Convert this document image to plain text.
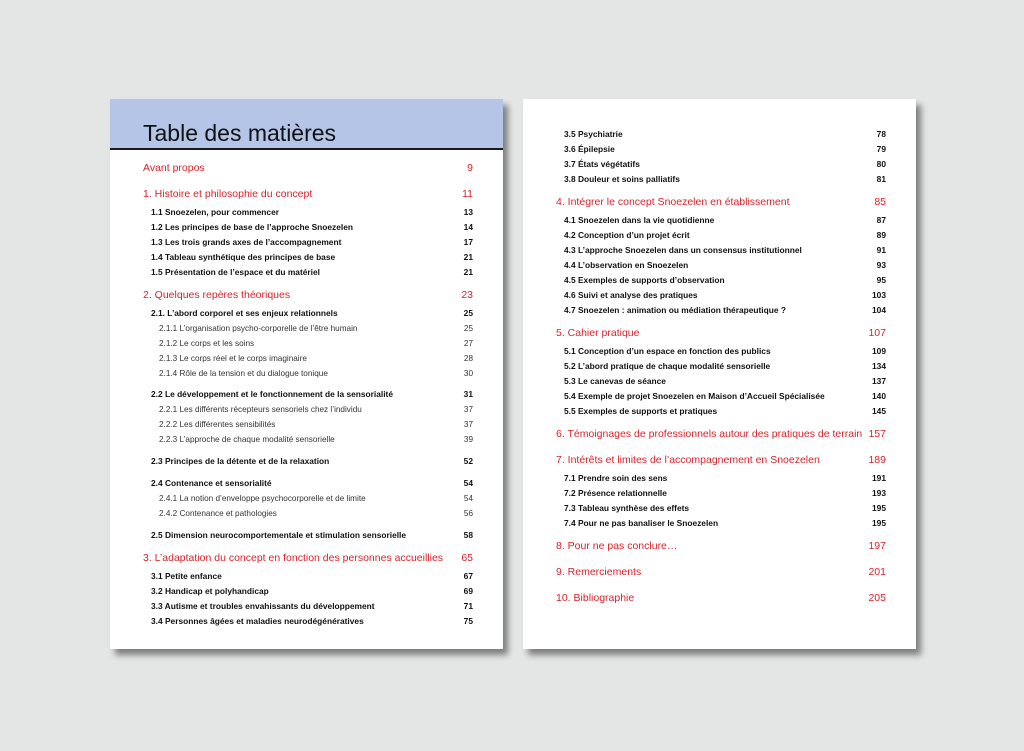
Table des matières
Avant propos	9
1. Histoire et philosophie du concept	11
1.1 Snoezelen, pour commencer	13
1.2 Les principes de base de l’approche Snoezelen	14
1.3 Les trois grands axes de l’accompagnement	17
1.4 Tableau synthétique des principes de base	21
1.5 Présentation de l’espace et du matériel	21
2. Quelques repères théoriques	23
2.1. L’abord corporel et ses enjeux relationnels	25
2.1.1 L’organisation psycho-corporelle de l’être humain	25
2.1.2 Le corps et les soins	27
2.1.3 Le corps réel et le corps imaginaire	28
2.1.4 Rôle de la tension et du dialogue tonique	30
2.2 Le développement et le fonctionnement de la sensorialité	31
2.2.1 Les différents récepteurs sensoriels chez l’individu	37
2.2.2 Les différentes sensibilités	37
2.2.3 L’approche de chaque modalité sensorielle	39
2.3 Principes de la détente et de la relaxation	52
2.4 Contenance et sensorialité	54
2.4.1 La notion d’enveloppe psychocorporelle et de limite	54
2.4.2 Contenance et pathologies	56
2.5 Dimension neurocomportementale et stimulation sensorielle	58
3. L’adaptation du concept en fonction des personnes accueillies 65
3.1 Petite enfance	67
3.2 Handicap et polyhandicap	69
3.3 Autisme et troubles envahissants du développement	71
3.4 Personnes âgées et maladies neurodégénératives	75
3.5 Psychiatrie	78
3.6 Épilepsie	79
3.7 États végétatifs	80
3.8 Douleur et soins palliatifs	81
4. Intégrer le concept Snoezelen en établissement	85
4.1 Snoezelen dans la vie quotidienne	87
4.2 Conception d’un projet écrit	89
4.3 L’approche Snoezelen dans un consensus institutionnel	91
4.4 L’observation en Snoezelen	93
4.5 Exemples de supports d’observation	95
4.6 Suivi et analyse des pratiques	103
4.7 Snoezelen : animation ou médiation thérapeutique ?	104
5. Cahier pratique	107
5.1 Conception d’un espace en fonction des publics	109
5.2 L’abord pratique de chaque modalité sensorielle	134
5.3 Le canevas de séance	137
5.4 Exemple de projet Snoezelen en Maison d’Accueil Spécialisée	140
5.5 Exemples de supports et pratiques	145
6. Témoignages de professionnels autour des pratiques de terrain 157
7. Intérêts et limites de l’accompagnement en Snoezelen	189
7.1 Prendre soin des sens	191
7.2 Présence relationnelle	193
7.3 Tableau synthèse des effets	195
7.4 Pour ne pas banaliser le Snoezelen	195
8. Pour ne pas conclure…	197
9. Remerciements	201
10. Bibliographie	205
